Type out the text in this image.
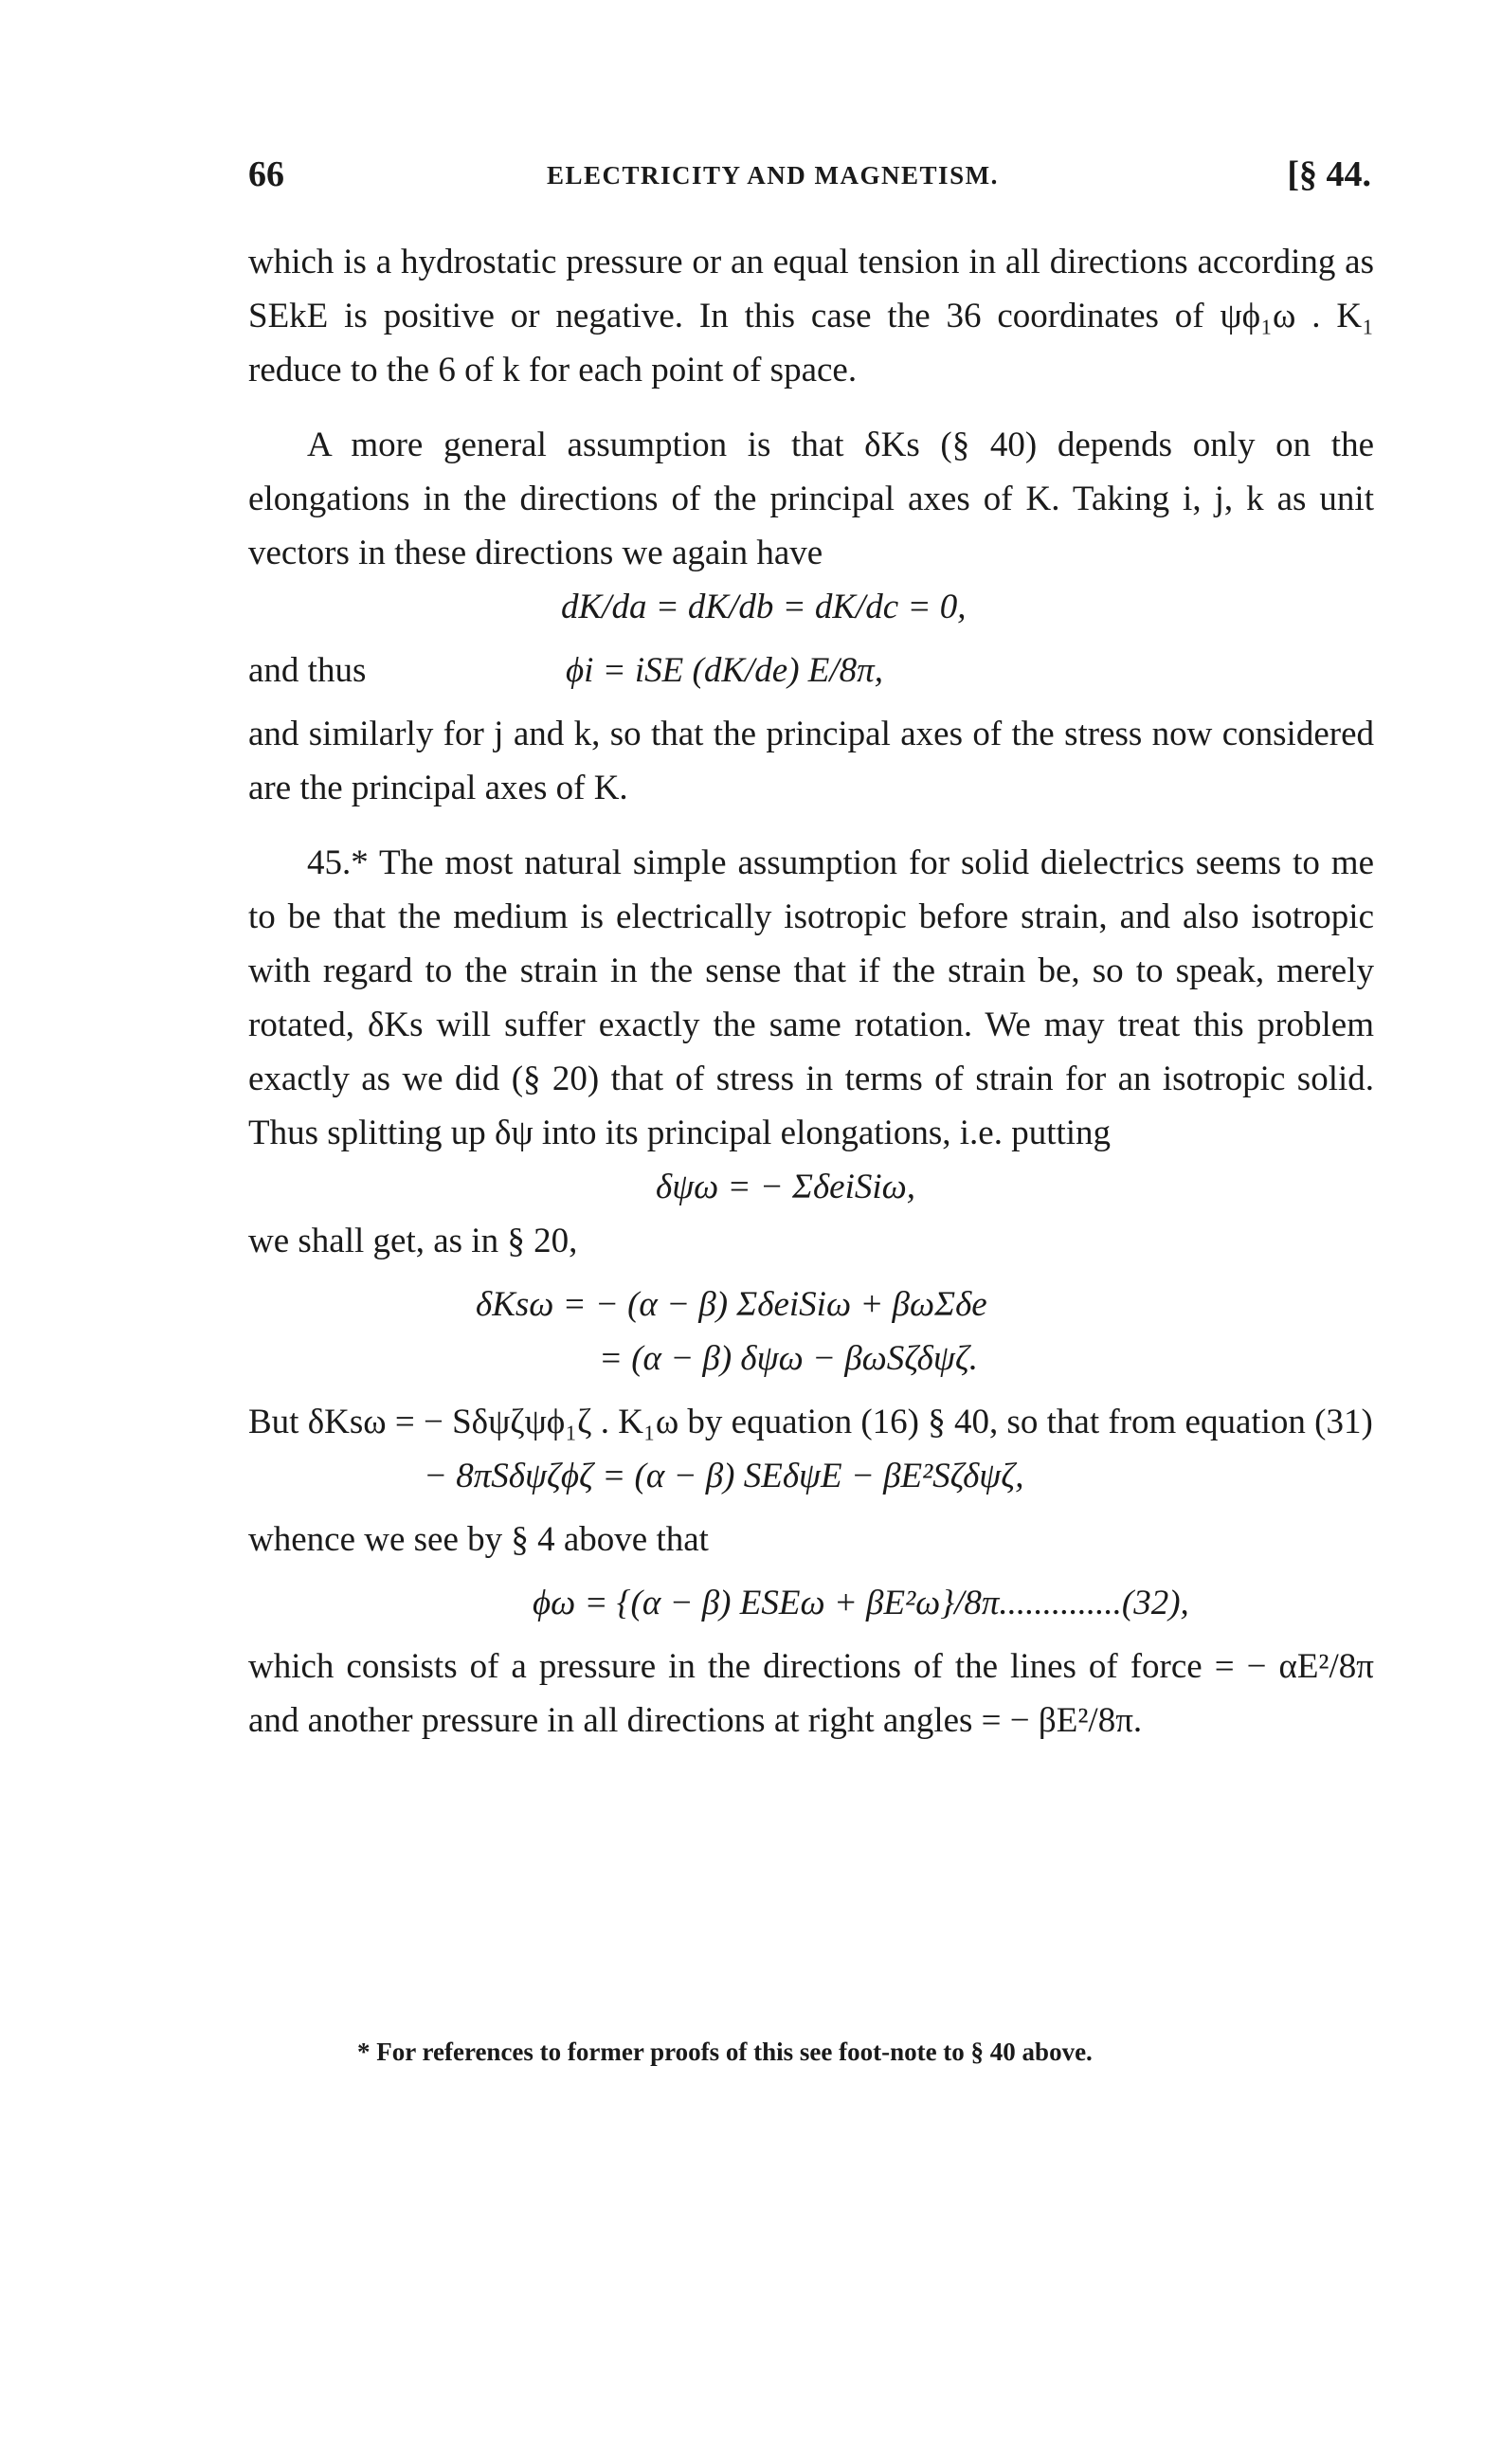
66	ELECTRICITY AND MAGNETISM.	[§ 44.

which is a hydrostatic pressure or an equal tension in all directions according as SEkE is positive or negative. In this case the 36 coordinates of ψϕ₁ω . K₁ reduce to the 6 of k for each point of space.

A more general assumption is that δKs (§ 40) depends only on the elongations in the directions of the principal axes of K. Taking i, j, k as unit vectors in these directions we again have

dK/da = dK/db = dK/dc = 0,
and thus	ϕi = iSE (dK/de) E/8π,

and similarly for j and k, so that the principal axes of the stress now considered are the principal axes of K.

45.* The most natural simple assumption for solid dielectrics seems to me to be that the medium is electrically isotropic before strain, and also isotropic with regard to the strain in the sense that if the strain be, so to speak, merely rotated, δKs will suffer exactly the same rotation. We may treat this problem exactly as we did (§ 20) that of stress in terms of strain for an isotropic solid. Thus splitting up δψ into its principal elongations, i.e. putting

δψω = − ΣδeiSiω,

we shall get, as in § 20,

δKsω = − (α − β) ΣδeiSiω + βωΣδe
= (α − β) δψω − βωSζδψζ.

But δKsω = − Sδψζψϕ₁ζ . K₁ω by equation (16) § 40, so that from equation (31)

− 8πSδψζϕζ = (α − β) SEδψE − βE²Sζδψζ,

whence we see by § 4 above that

ϕω = {(α − β) ESEω + βE²ω}/8π..............(32),

which consists of a pressure in the directions of the lines of force = − αE²/8π and another pressure in all directions at right angles = − βE²/8π.

* For references to former proofs of this see foot-note to § 40 above.
